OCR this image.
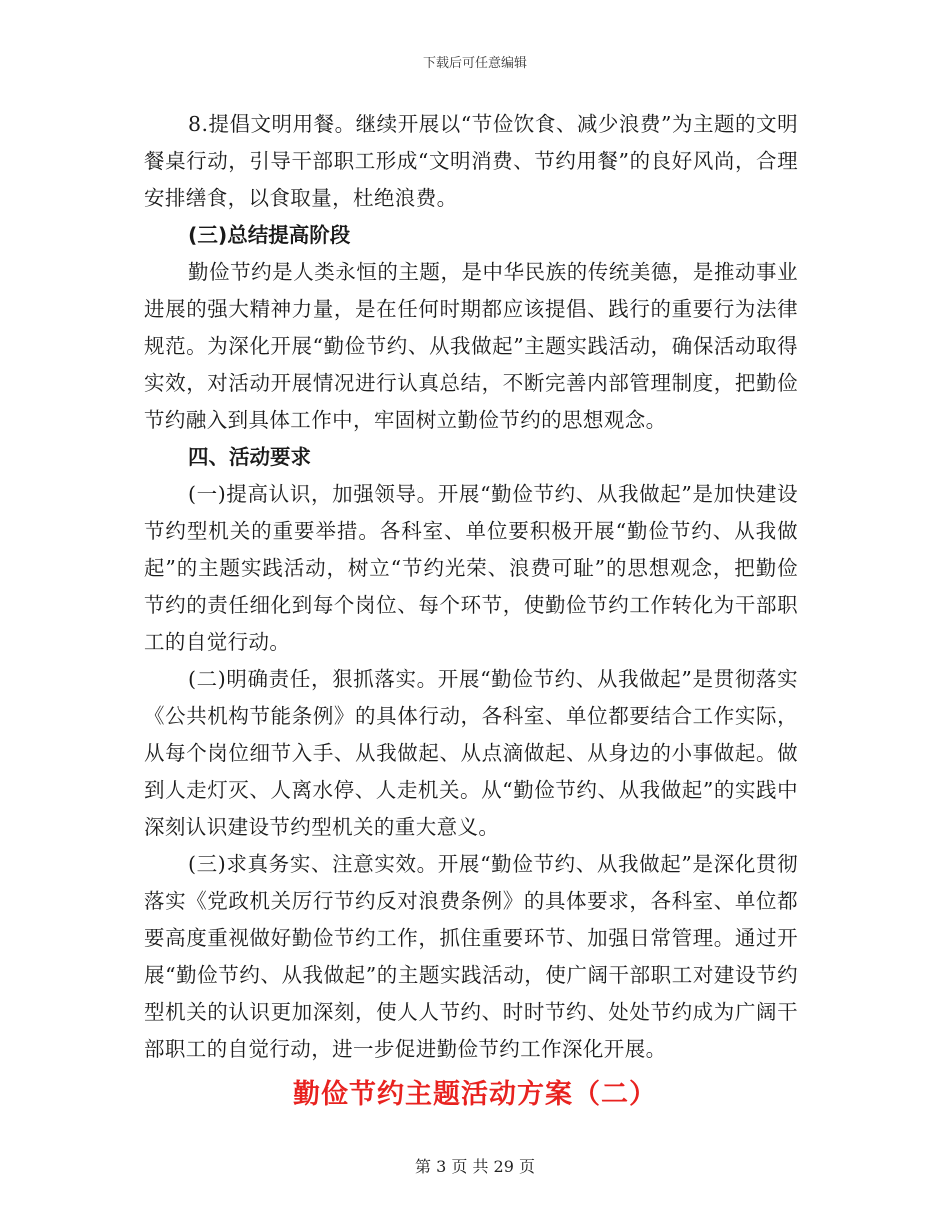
下载后可任意编辑

8.提倡文明用餐。继续开展以“节俭饮食、减少浪费”为主题的文明餐桌行动，引导干部职工形成“文明消费、节约用餐”的良好风尚，合理安排缮食，以食取量，杜绝浪费。

(三)总结提高阶段

勤俭节约是人类永恒的主题，是中华民族的传统美德，是推动事业进展的强大精神力量，是在任何时期都应该提倡、践行的重要行为法律规范。为深化开展“勤俭节约、从我做起”主题实践活动，确保活动取得实效，对活动开展情况进行认真总结，不断完善内部管理制度，把勤俭节约融入到具体工作中，牢固树立勤俭节约的思想观念。

四、活动要求

(一)提高认识，加强领导。开展“勤俭节约、从我做起”是加快建设节约型机关的重要举措。各科室、单位要积极开展“勤俭节约、从我做起”的主题实践活动，树立“节约光荣、浪费可耻”的思想观念，把勤俭节约的责任细化到每个岗位、每个环节，使勤俭节约工作转化为干部职工的自觉行动。

(二)明确责任，狠抓落实。开展“勤俭节约、从我做起”是贯彻落实《公共机构节能条例》的具体行动，各科室、单位都要结合工作实际，从每个岗位细节入手、从我做起、从点滴做起、从身边的小事做起。做到人走灯灭、人离水停、人走机关。从“勤俭节约、从我做起”的实践中深刻认识建设节约型机关的重大意义。

(三)求真务实、注意实效。开展“勤俭节约、从我做起”是深化贯彻落实《党政机关厉行节约反对浪费条例》的具体要求，各科室、单位都要高度重视做好勤俭节约工作，抓住重要环节、加强日常管理。通过开展“勤俭节约、从我做起”的主题实践活动，使广阔干部职工对建设节约型机关的认识更加深刻，使人人节约、时时节约、处处节约成为广阔干部职工的自觉行动，进一步促进勤俭节约工作深化开展。

勤俭节约主题活动方案（二）
第 3 页 共 29 页
